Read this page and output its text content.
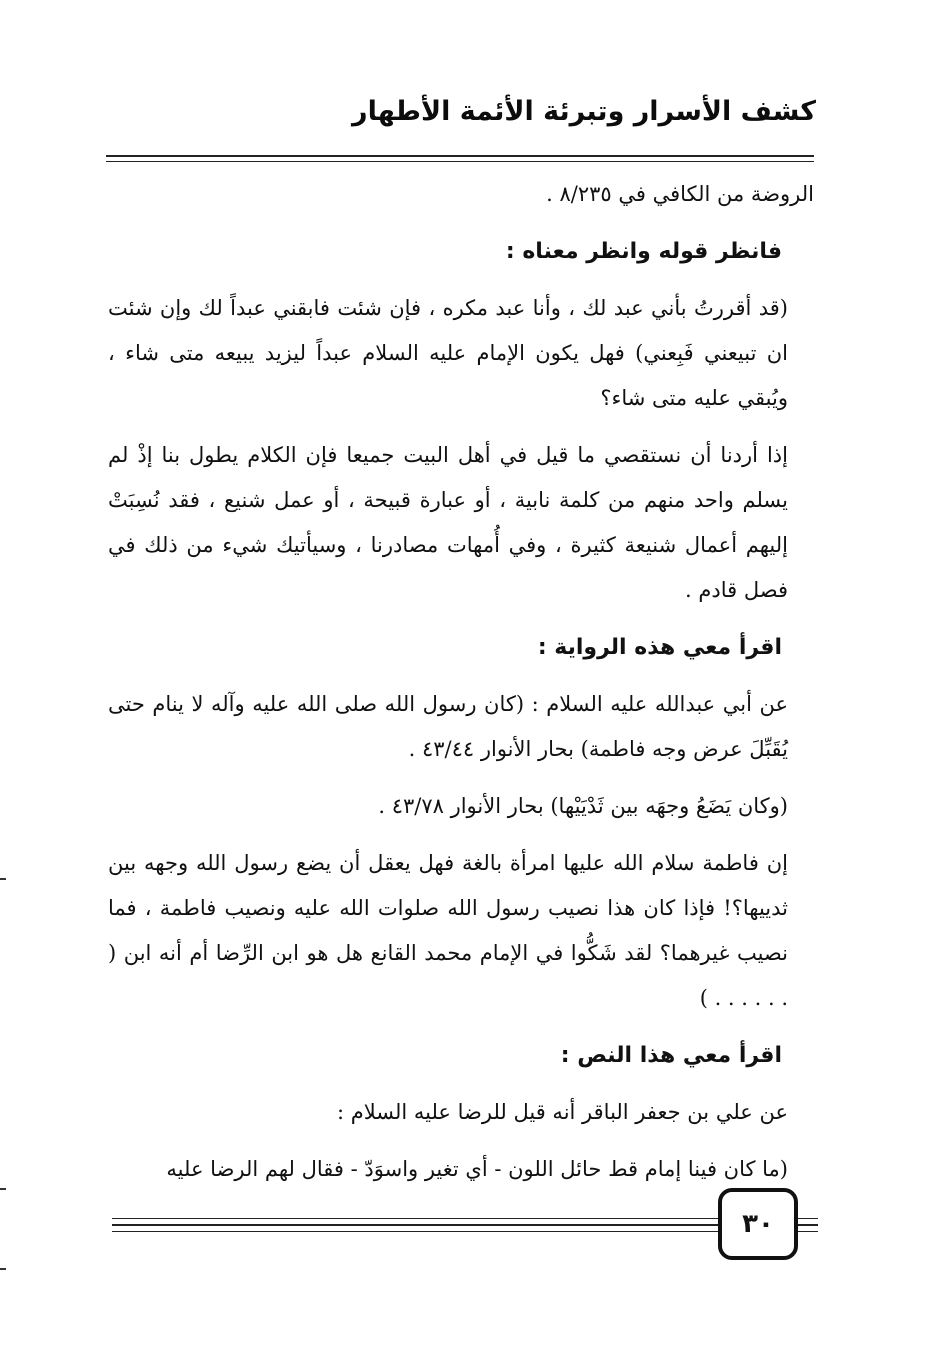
كشف الأسرار وتبرئة الأئمة الأطهار

الروضة من الكافي في ٨/٢٣٥ .

فانظر قوله وانظر معناه :

(قد أقررتُ بأني عبد لك ، وأنا عبد مكره ، فإن شئت فابقني عبداً لك وإن شئت ان تبيعني فَبِعني) فهل يكون الإمام عليه السلام عبداً ليزيد يبيعه متى شاء ، ويُبقي عليه متى شاء؟

إذا أردنا أن نستقصي ما قيل في أهل البيت جميعا فإن الكلام يطول بنا إذْ لم يسلم واحد منهم من كلمة نابية ، أو عبارة قبيحة ، أو عمل شنيع ، فقد نُسِبَتْ إليهم أعمال شنيعة كثيرة ، وفي أُمهات مصادرنا ، وسيأتيك شيء من ذلك في فصل قادم .

اقرأ معي هذه الرواية :

عن أبي عبدالله عليه السلام : (كان رسول الله صلى الله عليه وآله لا ينام حتى يُقَبِّلَ عرض وجه فاطمة) بحار الأنوار ٤٣/٤٤ .

(وكان يَضَعُ وجهَه بين ثَدْيَيْها) بحار الأنوار ٤٣/٧٨ .

إن فاطمة سلام الله عليها امرأة بالغة فهل يعقل أن يضع رسول الله وجهه بين ثدييها؟! فإذا كان هذا نصيب رسول الله صلوات الله عليه ونصيب فاطمة ، فما نصيب غيرهما؟ لقد شَكُّوا في الإمام محمد القانع هل هو ابن الرِّضا أم أنه ابن ( . . . . . . )

اقرأ معي هذا النص :

عن علي بن جعفر الباقر أنه قيل للرضا عليه السلام :

(ما كان فينا إمام قط حائل اللون - أي تغير واسوَدّ - فقال لهم الرضا عليه

٣٠
